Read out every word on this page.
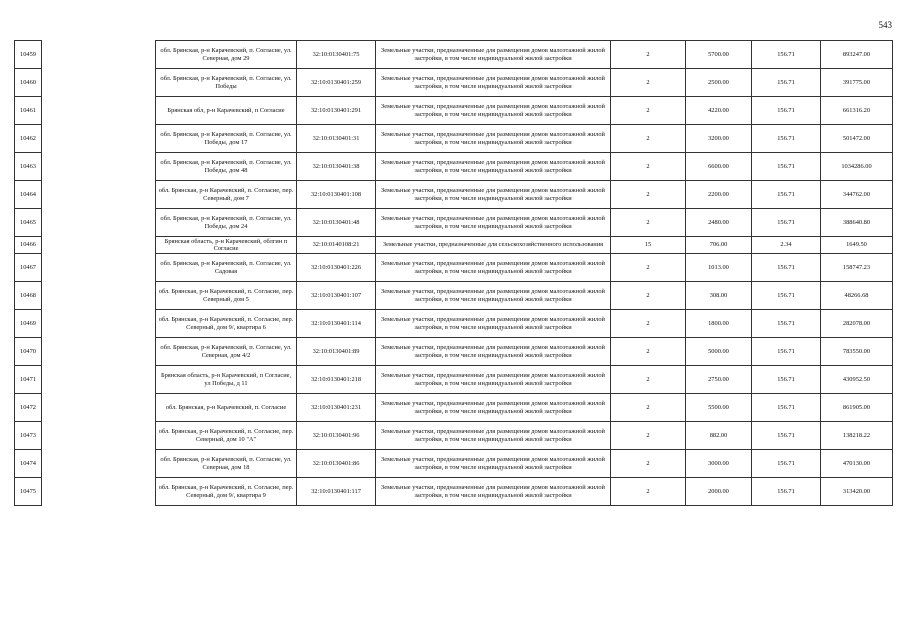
543
10459		обл. Брянская, р-н Карачевский, п. Согласие, ул. Северная, дом 29	32:10:0130401:75	Земельные участки, предназначенные для размещения домов малоэтажной жилой застройки, в том числе индивидуальной жилой застройки	2	5700.00	156.71	893247.00
10460		обл. Брянская, р-н Карачевский, п. Согласие, ул. Победы	32:10:0130401:259	Земельные участки, предназначенные для размещения домов малоэтажной жилой застройки, в том числе индивидуальной жилой застройки	2	2500.00	156.71	391775.00
10461		Брянская обл, р-н Карачевский, п Согласие	32:10:0130401:291	Земельные участки, предназначенные для размещения домов малоэтажной жилой застройки, в том числе индивидуальной жилой застройки	2	4220.00	156.71	661316.20
10462		обл. Брянская, р-н Карачевский, п. Согласие, ул. Победы, дом 17	32:10:0130401:31	Земельные участки, предназначенные для размещения домов малоэтажной жилой застройки, в том числе индивидуальной жилой застройки	2	3200.00	156.71	501472.00
10463		обл. Брянская, р-н Карачевский, п. Согласие, ул. Победы, дом 48	32:10:0130401:38	Земельные участки, предназначенные для размещения домов малоэтажной жилой застройки, в том числе индивидуальной жилой застройки	2	6600.00	156.71	1034286.00
10464		обл. Брянская, р-н Карачевский, п. Согласие, пер. Северный, дом 7	32:10:0130401:108	Земельные участки, предназначенные для размещения домов малоэтажной жилой застройки, в том числе индивидуальной жилой застройки	2	2200.00	156.71	344762.00
10465		обл. Брянская, р-н Карачевский, п. Согласие, ул. Победы, дом 24	32:10:0130401:48	Земельные участки, предназначенные для размещения домов малоэтажной жилой застройки, в том числе индивидуальной жилой застройки	2	2480.00	156.71	388640.80
10466		Брянская область, р-н Карачевский, облгин п Согласие	32:10:0140108:21	Земельные участки, предназначенные для сельскохозяйственного использования	15	706.00	2.34	1649.50
10467		обл. Брянская, р-н Карачевский, п. Согласие, ул. Садовая	32:10:0130401:226	Земельные участки, предназначенные для размещения домов малоэтажной жилой застройки, в том числе индивидуальной жилой застройки	2	1013.00	156.71	158747.23
10468		обл. Брянская, р-н Карачевский, п. Согласие, пер. Северный, дом 5	32:10:0130401:107	Земельные участки, предназначенные для размещения домов малоэтажной жилой застройки, в том числе индивидуальной жилой застройки	2	308.00	156.71	48266.68
10469		обл. Брянская, р-н Карачевский, п. Согласие, пер. Северный, дом 9/, квартира 6	32:10:0130401:114	Земельные участки, предназначенные для размещения домов малоэтажной жилой застройки, в том числе индивидуальной жилой застройки	2	1800.00	156.71	282078.00
10470		обл. Брянская, р-н Карачевский, п. Согласие, ул. Северная, дом 4/2	32:10:0130401:89	Земельные участки, предназначенные для размещения домов малоэтажной жилой застройки, в том числе индивидуальной жилой застройки	2	5000.00	156.71	783550.00
10471		Брянская область, р-н Карачевский, п Согласие, ул Победы, д 11	32:10:0130401:218	Земельные участки, предназначенные для размещения домов малоэтажной жилой застройки, в том числе индивидуальной жилой застройки	2	2750.00	156.71	430952.50
10472		обл. Брянская, р-н Карачевский, п. Согласие	32:10:0130401:231	Земельные участки, предназначенные для размещения домов малоэтажной жилой застройки, в том числе индивидуальной жилой застройки	2	5500.00	156.71	861905.00
10473		обл. Брянская, р-н Карачевский, п. Согласие, пер. Северный, дом 10 "А"	32:10:0130401:96	Земельные участки, предназначенные для размещения домов малоэтажной жилой застройки, в том числе индивидуальной жилой застройки	2	882.00	156.71	138218.22
10474		обл. Брянская, р-н Карачевский, п. Согласие, ул. Северная, дом 18	32:10:0130401:86	Земельные участки, предназначенные для размещения домов малоэтажной жилой застройки, в том числе индивидуальной жилой застройки	2	3000.00	156.71	470130.00
10475		обл. Брянская, р-н Карачевский, п. Согласие, пер. Северный, дом 9/, квартира 9	32:10:0130401:117	Земельные участки, предназначенные для размещения домов малоэтажной жилой застройки, в том числе индивидуальной жилой застройки	2	2000.00	156.71	313420.00
